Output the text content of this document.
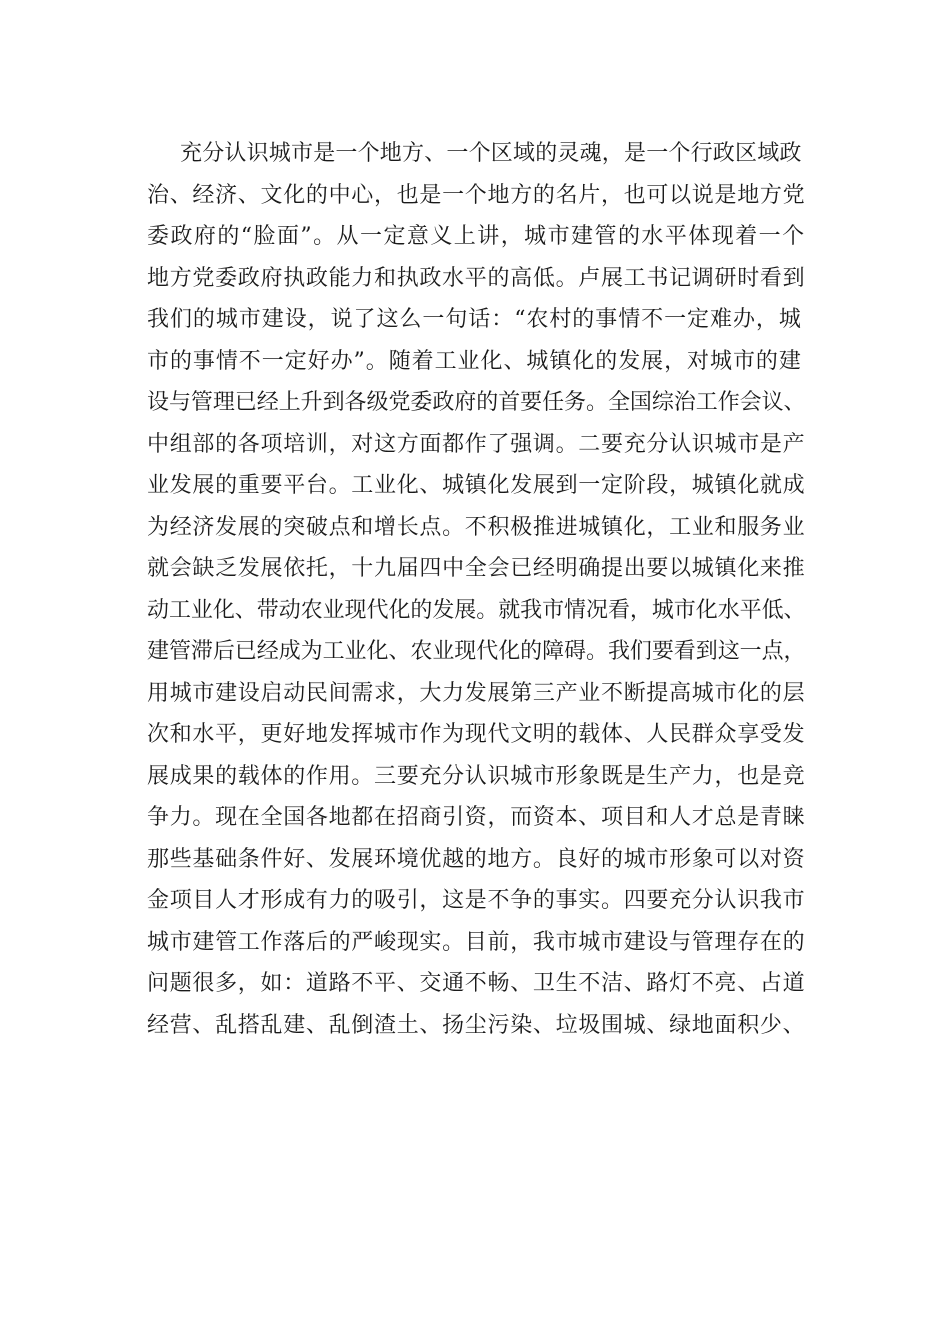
充分认识城市是一个地方、一个区域的灵魂，是一个行政区域政
治、经济、文化的中心，也是一个地方的名片，也可以说是地方党
委政府的“脸面”。从一定意义上讲，城市建管的水平体现着一个
地方党委政府执政能力和执政水平的高低。卢展工书记调研时看到
我们的城市建设，说了这么一句话：“农村的事情不一定难办，城
市的事情不一定好办”。随着工业化、城镇化的发展，对城市的建
设与管理已经上升到各级党委政府的首要任务。全国综治工作会议、
中组部的各项培训，对这方面都作了强调。二要充分认识城市是产
业发展的重要平台。工业化、城镇化发展到一定阶段，城镇化就成
为经济发展的突破点和增长点。不积极推进城镇化，工业和服务业
就会缺乏发展依托，十九届四中全会已经明确提出要以城镇化来推
动工业化、带动农业现代化的发展。就我市情况看，城市化水平低、
建管滞后已经成为工业化、农业现代化的障碍。我们要看到这一点，
用城市建设启动民间需求，大力发展第三产业不断提高城市化的层
次和水平，更好地发挥城市作为现代文明的载体、人民群众享受发
展成果的载体的作用。三要充分认识城市形象既是生产力，也是竞
争力。现在全国各地都在招商引资，而资本、项目和人才总是青睐
那些基础条件好、发展环境优越的地方。良好的城市形象可以对资
金项目人才形成有力的吸引，这是不争的事实。四要充分认识我市
城市建管工作落后的严峻现实。目前，我市城市建设与管理存在的
问题很多，如：道路不平、交通不畅、卫生不洁、路灯不亮、占道
经营、乱搭乱建、乱倒渣土、扬尘污染、垃圾围城、绿地面积少、
